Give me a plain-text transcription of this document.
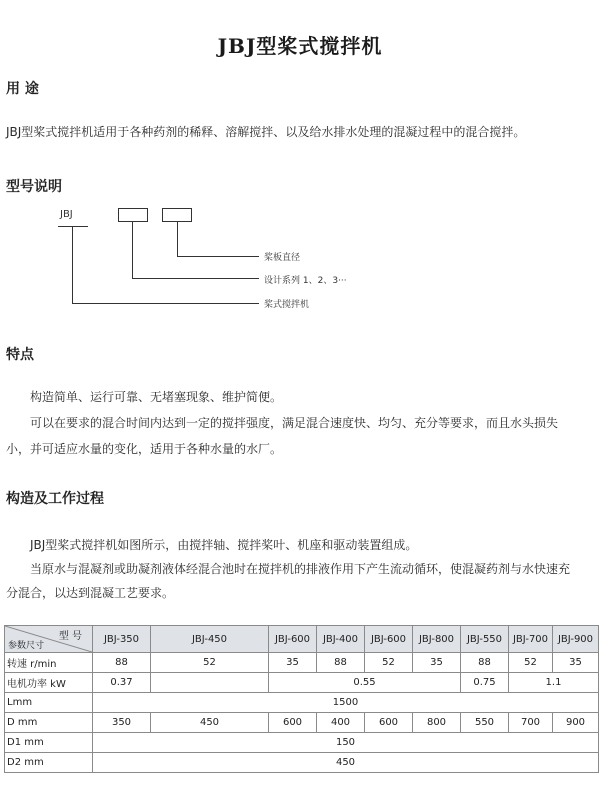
JBJ型桨式搅拌机
用 途
JBJ型桨式搅拌机适用于各种药剂的稀释、溶解搅拌、以及给水排水处理的混凝过程中的混合搅拌。
型号说明
JBJ
桨板直径
设计系列 1、2、3···
桨式搅拌机
特点
构造简单、运行可靠、无堵塞现象、维护简便。
可以在要求的混合时间内达到一定的搅拌强度，满足混合速度快、均匀、充分等要求，而且水头损失
小，并可适应水量的变化，适用于各种水量的水厂。
构造及工作过程
JBJ型桨式搅拌机如图所示，由搅拌轴、搅拌桨叶、机座和驱动装置组成。
当原水与混凝剂或助凝剂液体经混合池时在搅拌机的排液作用下产生流动循环，使混凝药剂与水快速充
分混合，以达到混凝工艺要求。
型 号
参数尺寸	JBJ-350	JBJ-450	JBJ-600	JBJ-400	JBJ-600	JBJ-800	JBJ-550	JBJ-700	JBJ-900
转速 r/min	88	52	35	88	52	35	88	52	35
电机功率 kW	0.37		0.55				0.75	1.1	
Lmm	1500								
D mm	350	450	600	400	600	800	550	700	900
D1 mm	150								
D2 mm	450								
